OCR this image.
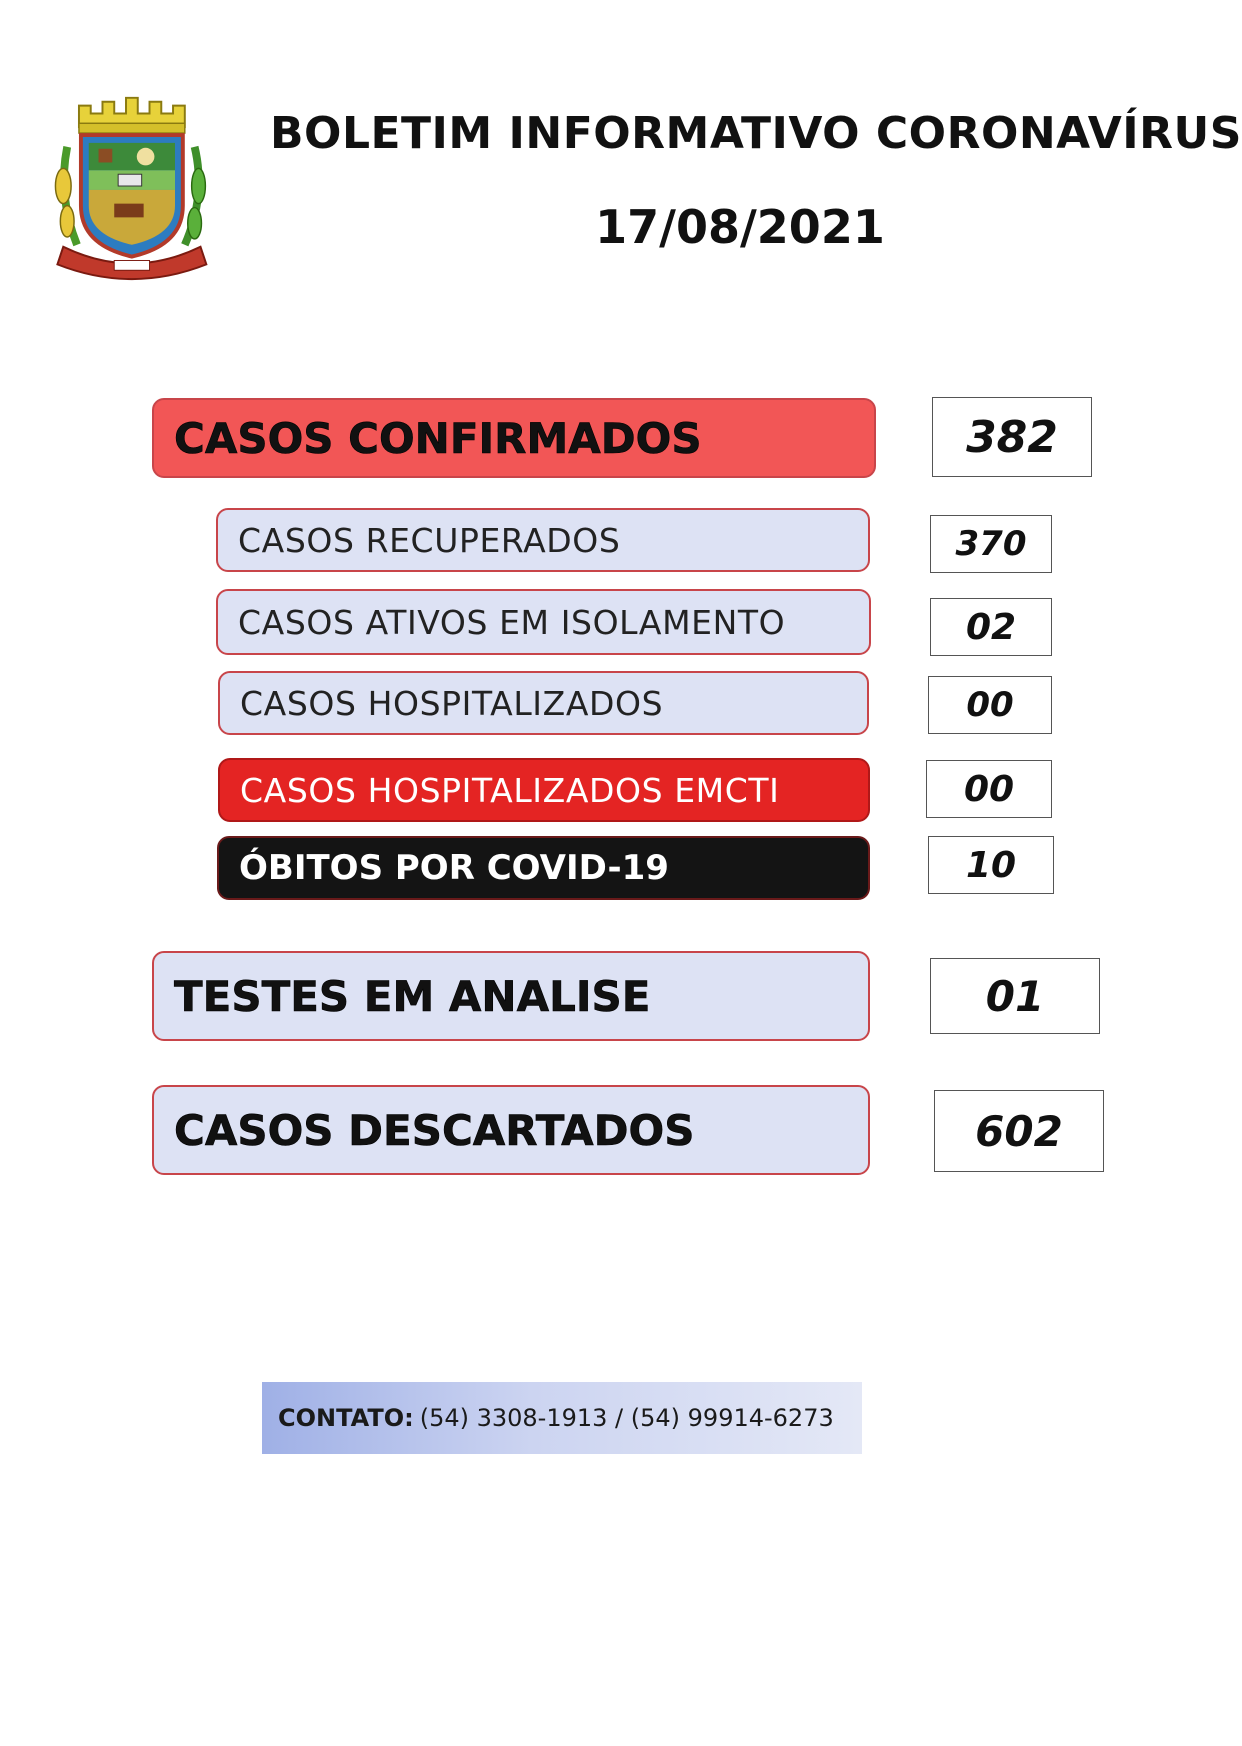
BOLETIM INFORMATIVO CORONAVÍRUS
17/08/2021
CASOS CONFIRMADOS	382
CASOS RECUPERADOS	370
CASOS ATIVOS EM ISOLAMENTO	02
CASOS HOSPITALIZADOS	00
CASOS HOSPITALIZADOS EMCTI	00
ÓBITOS POR COVID-19	10
TESTES EM ANALISE	01
CASOS DESCARTADOS	602
CONTATO: (54) 3308-1913 / (54) 99914-6273
